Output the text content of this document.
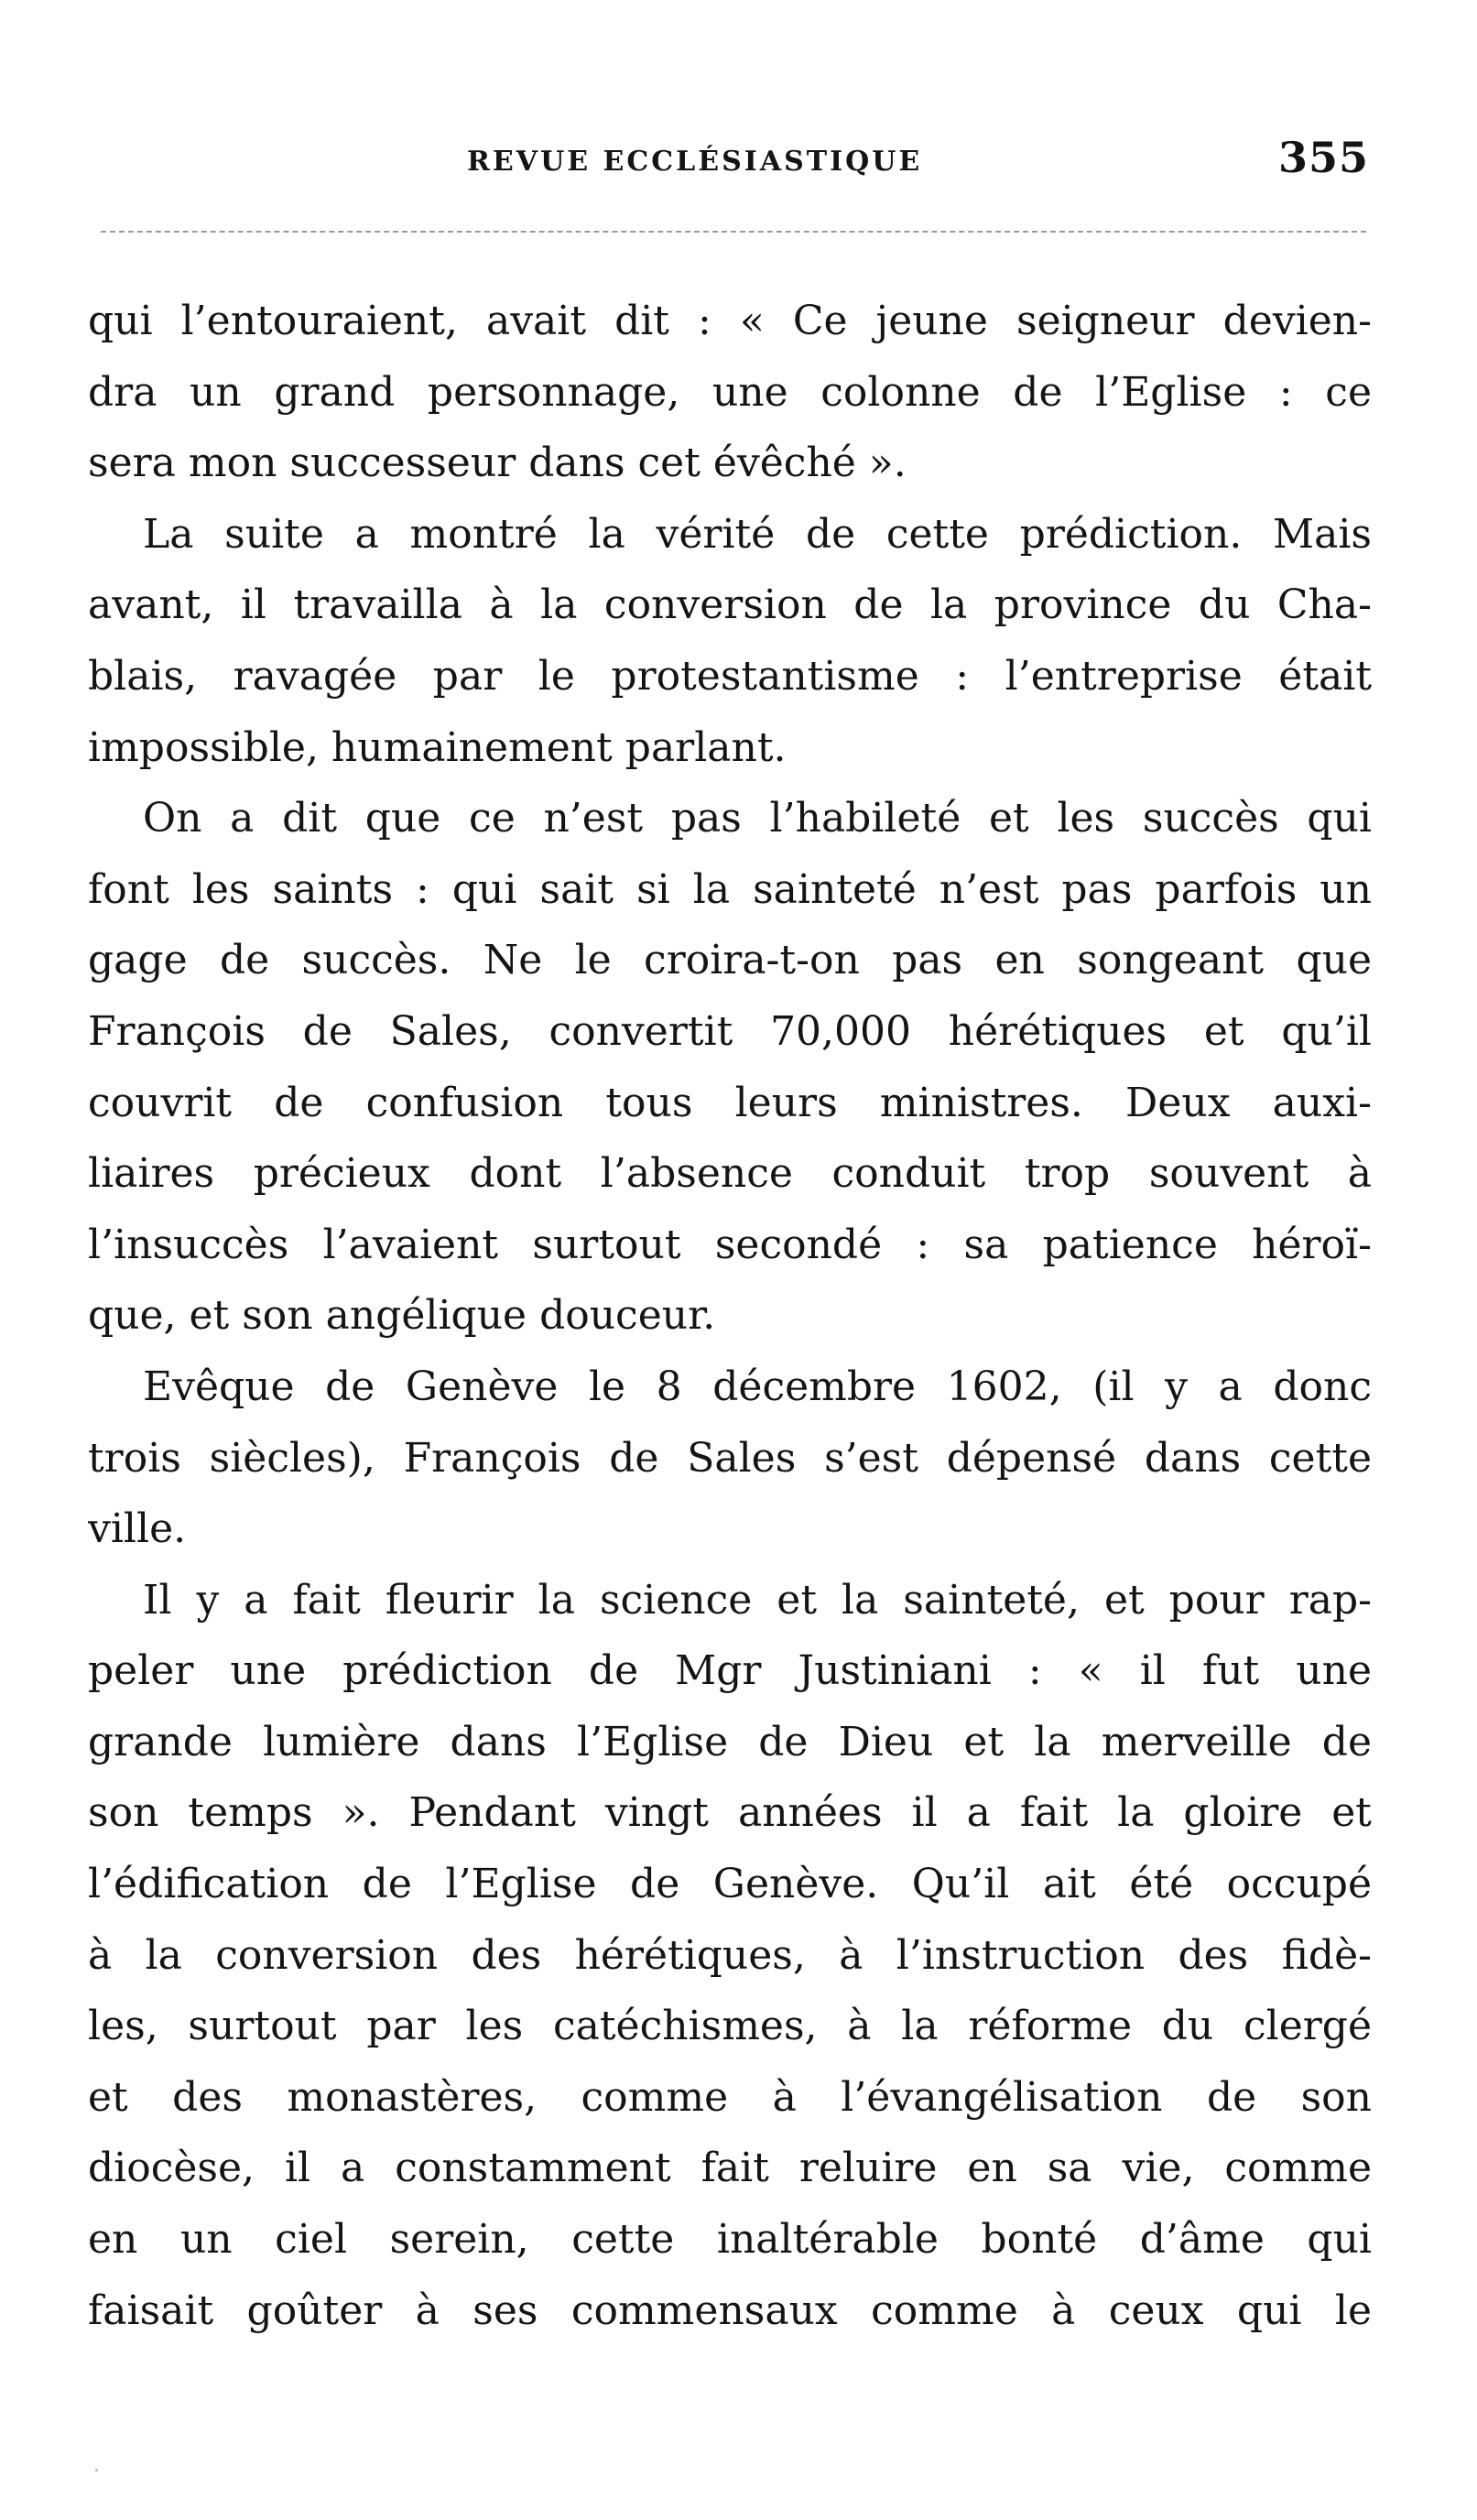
REVUE ECCLÉSIASTIQUE	355
qui l’entouraient, avait dit : « Ce jeune seigneur devien-
dra un grand personnage, une colonne de l’Eglise : ce
sera mon successeur dans cet évêché ».
La suite a montré la vérité de cette prédiction. Mais
avant, il travailla à la conversion de la province du Cha-
blais, ravagée par le protestantisme : l’entreprise était
impossible, humainement parlant.
On a dit que ce n’est pas l’habileté et les succès qui
font les saints : qui sait si la sainteté n’est pas parfois un
gage de succès. Ne le croira-t-on pas en songeant que
François de Sales, convertit 70,000 hérétiques et qu’il
couvrit de confusion tous leurs ministres. Deux auxi-
liaires précieux dont l’absence conduit trop souvent à
l’insuccès l’avaient surtout secondé : sa patience héroï-
que, et son angélique douceur.
Evêque de Genève le 8 décembre 1602, (il y a donc
trois siècles), François de Sales s’est dépensé dans cette
ville.
Il y a fait fleurir la science et la sainteté, et pour rap-
peler une prédiction de Mgr Justiniani : « il fut une
grande lumière dans l’Eglise de Dieu et la merveille de
son temps ». Pendant vingt années il a fait la gloire et
l’édification de l’Eglise de Genève. Qu’il ait été occupé
à la conversion des hérétiques, à l’instruction des fidè-
les, surtout par les catéchismes, à la réforme du clergé
et des monastères, comme à l’évangélisation de son
diocèse, il a constamment fait reluire en sa vie, comme
en un ciel serein, cette inaltérable bonté d’âme qui
faisait goûter à ses commensaux comme à ceux qui le
